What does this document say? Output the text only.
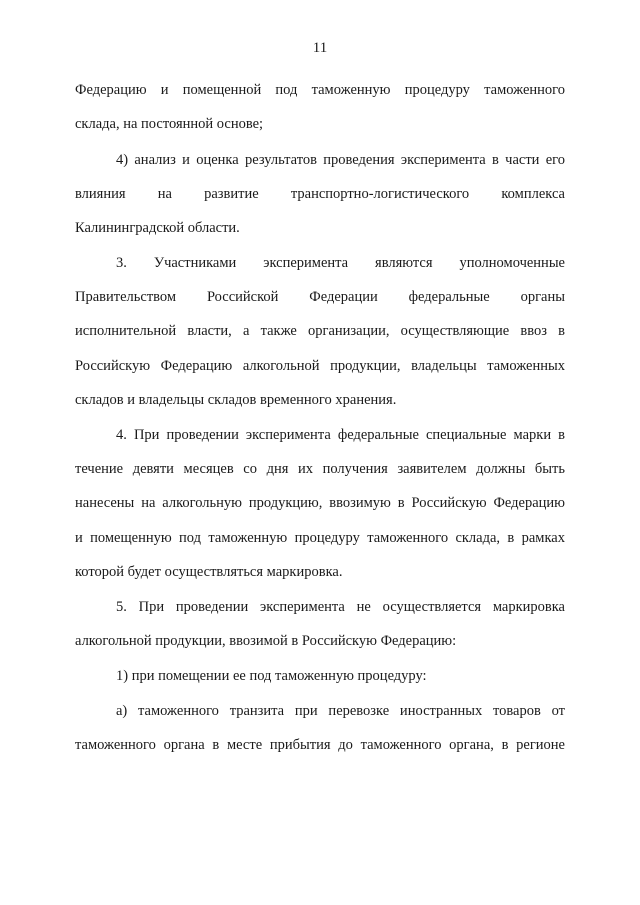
11
Федерацию и помещенной под таможенную процедуру таможенного
склада, на постоянной основе;
4) анализ и оценка результатов проведения эксперимента в части его
влияния на развитие транспортно-логистического комплекса
Калининградской области.
3. Участниками эксперимента являются уполномоченные
Правительством Российской Федерации федеральные органы
исполнительной власти, а также организации, осуществляющие ввоз в
Российскую Федерацию алкогольной продукции, владельцы таможенных
складов и владельцы складов временного хранения.
4. При проведении эксперимента федеральные специальные марки в
течение девяти месяцев со дня их получения заявителем должны быть
нанесены на алкогольную продукцию, ввозимую в Российскую Федерацию
и помещенную под таможенную процедуру таможенного склада, в рамках
которой будет осуществляться маркировка.
5. При проведении эксперимента не осуществляется маркировка
алкогольной продукции, ввозимой в Российскую Федерацию:
1) при помещении ее под таможенную процедуру:
а) таможенного транзита при перевозке иностранных товаров от
таможенного органа в месте прибытия до таможенного органа, в регионе
